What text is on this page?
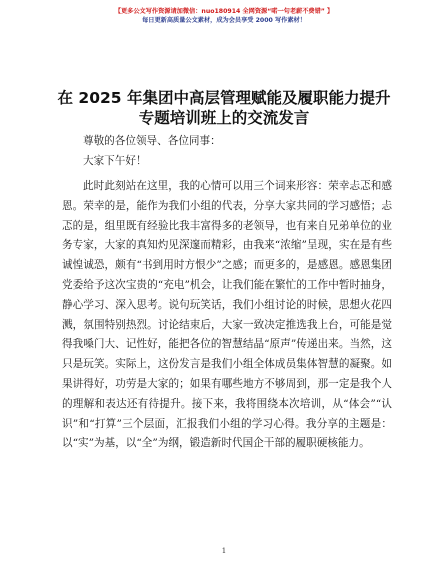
【更多公文写作资源请加微信：nuo180914 全网资源“喏一句老薪不费错” 】
每日更新高质量公文素材，成为会员享受 2000 写作素材！
在 2025 年集团中高层管理赋能及履职能力提升
专题培训班上的交流发言

尊敬的各位领导、各位同事：

大家下午好！

此时此刻站在这里，我的心情可以用三个词来形容：荣幸忐忑和感恩。荣幸的是，能作为我们小组的代表，分享大家共同的学习感悟；忐忑的是，组里既有经验比我丰富得多的老领导，也有来自兄弟单位的业务专家，大家的真知灼见深邃而精彩，由我来“浓缩”呈现，实在是有些诚惶诚恐，颇有“书到用时方恨少”之感；而更多的，是感恩。感恩集团党委给予这次宝贵的“充电”机会，让我们能在繁忙的工作中暂时抽身，静心学习、深入思考。说句玩笑话，我们小组讨论的时候，思想火花四溅，氛围特别热烈。讨论结束后，大家一致决定推选我上台，可能是觉得我嗓门大、记性好，能把各位的智慧结晶“原声”传递出来。当然，这只是玩笑。实际上，这份发言是我们小组全体成员集体智慧的凝聚。如果讲得好，功劳是大家的；如果有哪些地方不够周到，那一定是我个人的理解和表达还有待提升。接下来，我将围绕本次培训，从“体会”“认识”和“打算”三个层面，汇报我们小组的学习心得。我分享的主题是：以“实”为基，以“全”为纲，锻造新时代国企干部的履职硬核能力。

1
